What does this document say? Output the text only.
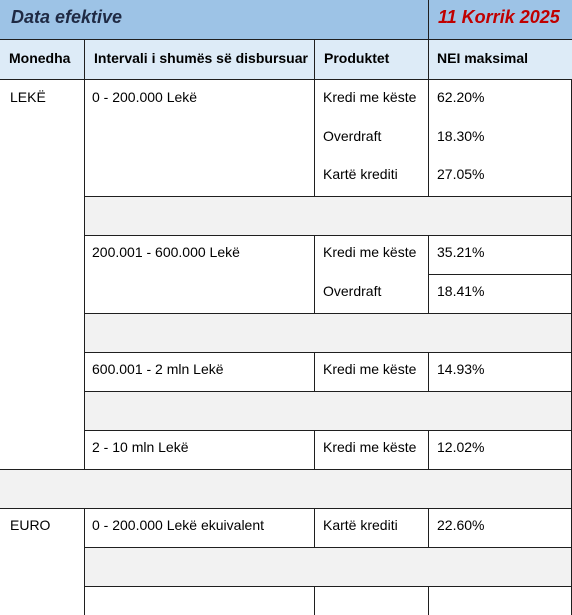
Data efektive	11 Korrik 2025
Monedha	Intervali i shumës së disbursuar	Produktet	NEI maksimal
LEKË	0 - 200.000 Lekë	Kredi me këste 62.20%
Overdraft	18.30%
Kartë krediti	27.05%
200.001 - 600.000 Lekë	Kredi me këste 35.21%
Overdraft	18.41%
600.001 - 2 mln Lekë	Kredi me këste 14.93%
2 - 10 mln Lekë	Kredi me këste 12.02%
EURO	0 - 200.000 Lekë ekuivalent	Kartë krediti	22.60%
